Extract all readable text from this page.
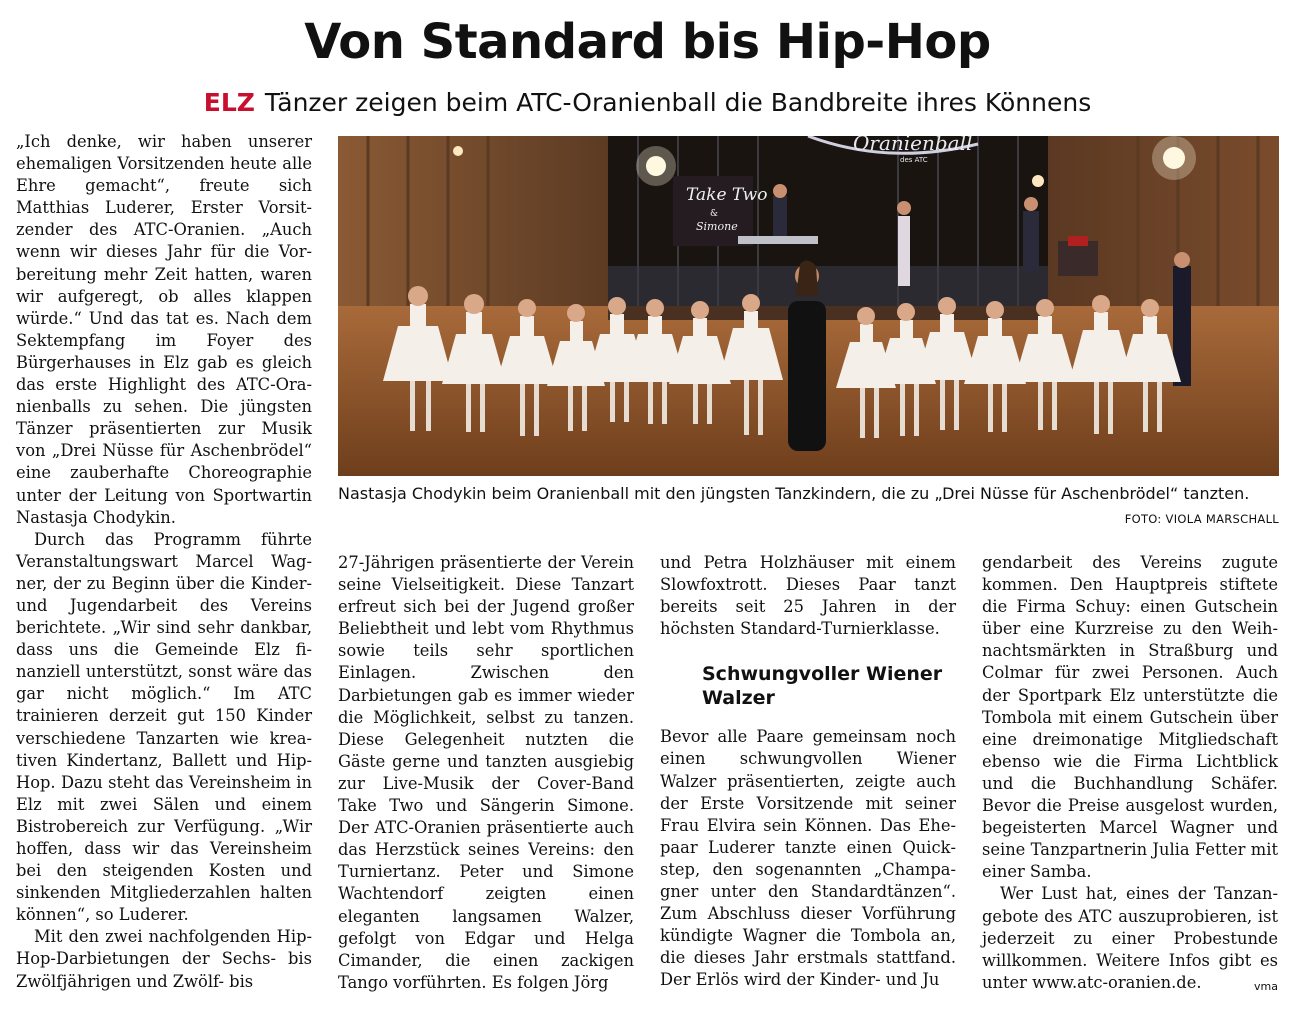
Von Standard bis Hip-Hop
ELZ Tänzer zeigen beim ATC-Oranienball die Bandbreite ihres Könnens

„Ich denke, wir haben unserer ehemaligen Vorsitzenden heute alle Ehre gemacht“, freute sich Matthias Luderer, Erster Vorsitzender des ATC-Oranien. „Auch wenn wir dieses Jahr für die Vorbereitung mehr Zeit hatten, waren wir aufgeregt, ob alles klappen würde.“ Und das tat es. Nach dem Sektempfang im Foyer des Bürgerhauses in Elz gab es gleich das erste Highlight des ATC-Oranienballs zu sehen. Die jüngsten Tänzer präsentierten zur Musik von „Drei Nüsse für Aschenbrödel“ eine zauberhafte Choreographie unter der Leitung von Sportwartin Nastasja Chodykin.

Durch das Programm führte Veranstaltungswart Marcel Wagner, der zu Beginn über die Kinder- und Jugendarbeit des Vereins berichtete. „Wir sind sehr dankbar, dass uns die Gemeinde Elz finanziell unterstützt, sonst wäre das gar nicht möglich.“ Im ATC trainieren derzeit gut 150 Kinder verschiedene Tanzarten wie kreativen Kindertanz, Ballett und Hip-Hop. Dazu steht das Vereinsheim in Elz mit zwei Sälen und einem Bistrobereich zur Verfügung. „Wir hoffen, dass wir das Vereinsheim bei den steigenden Kosten und sinkenden Mitgliederzahlen halten können“, so Luderer.

Mit den zwei nachfolgenden Hip-Hop-Darbietungen der Sechs- bis Zwölfjährigen und Zwölf- bis

Oranienball
des ATC
Take Two
&
Simone
Nastasja Chodykin beim Oranienball mit den jüngsten Tanzkindern, die zu „Drei Nüsse für Aschenbrödel“ tanzten.
FOTO: VIOLA MARSCHALL

27-Jährigen präsentierte der Verein seine Vielseitigkeit. Diese Tanzart erfreut sich bei der Jugend großer Beliebtheit und lebt vom Rhythmus sowie teils sehr sportlichen Einlagen. Zwischen den Darbietungen gab es immer wieder die Möglichkeit, selbst zu tanzen. Diese Gelegenheit nutzten die Gäste gerne und tanzten ausgiebig zur Live-Musik der Cover-Band Take Two und Sängerin Simone. Der ATC-Oranien präsentierte auch das Herzstück seines Vereins: den Turniertanz. Peter und Simone Wachtendorf zeigten einen eleganten langsamen Walzer, gefolgt von Edgar und Helga Cimander, die einen zackigen Tango vorführten. Es folgen Jörg

und Petra Holzhäuser mit einem Slowfoxtrott. Dieses Paar tanzt bereits seit 25 Jahren in der höchsten Standard-Turnierklasse.

Schwungvoller Wiener Walzer

Bevor alle Paare gemeinsam noch einen schwungvollen Wiener Walzer präsentierten, zeigte auch der Erste Vorsitzende mit seiner Frau Elvira sein Können. Das Ehepaar Luderer tanzte einen Quickstep, den sogenannten „Champagner unter den Standardtänzen“. Zum Abschluss dieser Vorführung kündigte Wagner die Tombola an, die dieses Jahr erstmals stattfand. Der Erlös wird der Kinder- und Ju

gendarbeit des Vereins zugute kommen. Den Hauptpreis stiftete die Firma Schuy: einen Gutschein über eine Kurzreise zu den Weihnachtsmärkten in Straßburg und Colmar für zwei Personen. Auch der Sportpark Elz unterstützte die Tombola mit einem Gutschein über eine dreimonatige Mitgliedschaft ebenso wie die Firma Lichtblick und die Buchhandlung Schäfer. Bevor die Preise ausgelost wurden, begeisterten Marcel Wagner und seine Tanzpartnerin Julia Fetter mit einer Samba.

Wer Lust hat, eines der Tanzangebote des ATC auszuprobieren, ist jederzeit zu einer Probestunde willkommen. Weitere Infos gibt es unter www.atc-oranien.de.	vma
